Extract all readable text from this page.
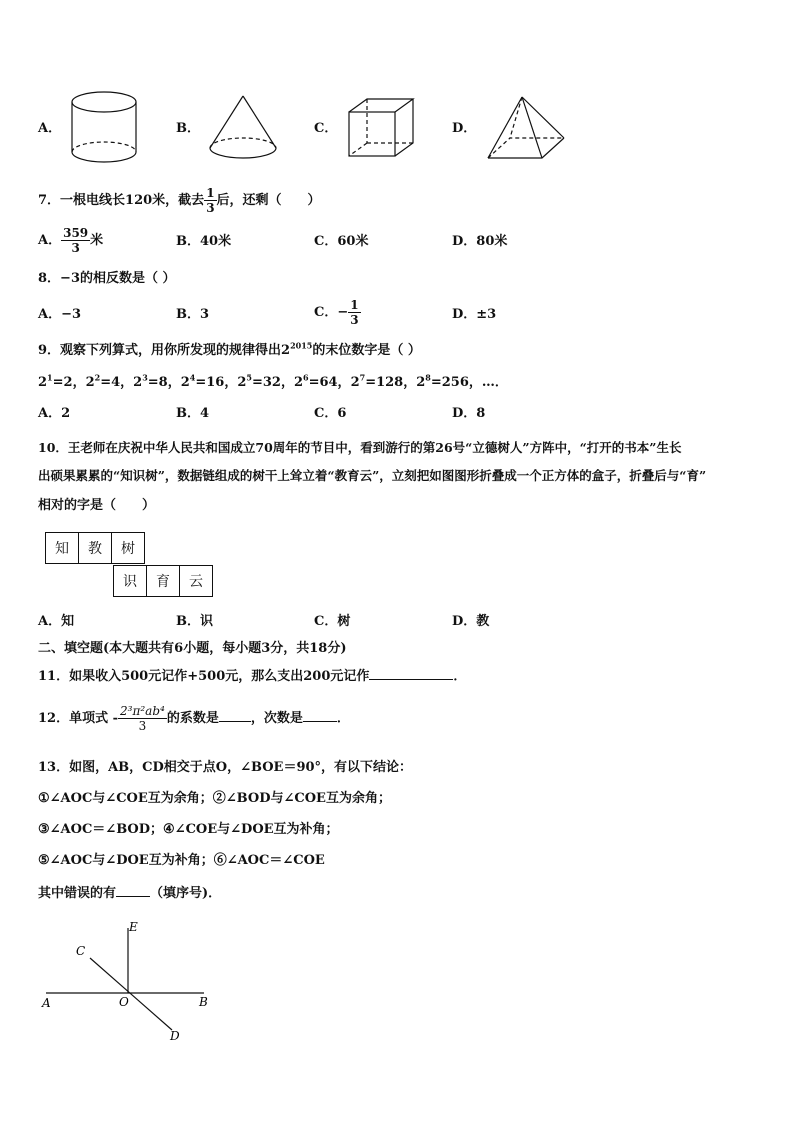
A．	B．	C．	D．
7．一根电线长120米，截去 $\frac{1}{3}$ 后，还剩（　　）
A． $\frac{359}{3}$ 米	B．40米	C．60米	D．80米
8．−3的相反数是（ ）
A．−3	B．3	C．− $\frac{1}{3}$	D．±3
9．观察下列算式，用你所发现的规律得出$2^{2015}$的末位数字是（ ）
$2^1=2$，$2^2=4$，$2^3=8$，$2^4=16$，$2^5=32$，$2^6=64$，$2^7=128$，$2^8=256$，…．
A．2	B．4	C．6	D．8
10．王老师在庆祝中华人民共和国成立70周年的节目中，看到游行的第26号“立德树人”方阵中，“打开的书本”生长
出硕果累累的“知识树”，数据链组成的树干上耸立着“教育云”，立刻把如图图形折叠成一个正方体的盒子，折叠后与“育”
相对的字是（　　）
知	教	树
识	育	云
A．知	B．识	C．树	D．教
二、填空题(本大题共有6小题，每小题3分，共18分)
11．如果收入500元记作+500元，那么支出200元记作	．
12．单项式 - $\frac{\text{2³π²ab⁴}}{3}$ 的系数是 ，次数是	．
13．如图，AB，CD相交于点O，∠BOE＝90°，有以下结论：
①∠AOC与∠COE互为余角；②∠BOD与∠COE互为余角；
③∠AOC＝∠BOD；④∠COE与∠DOE互为补角；
⑤∠AOC与∠DOE互为补角；⑥∠AOC＝∠COE
其中错误的有	（填序号)．
E
C
A	O	B
D
